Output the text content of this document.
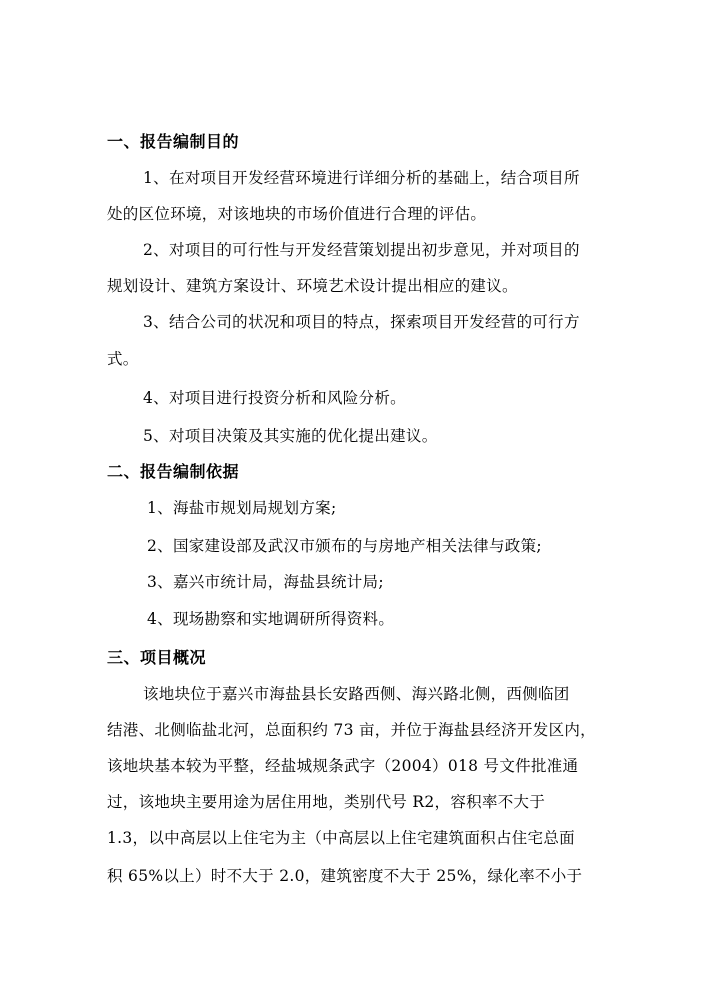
一、报告编制目的
1、在对项目开发经营环境进行详细分析的基础上，结合项目所
处的区位环境，对该地块的市场价值进行合理的评估。
2、对项目的可行性与开发经营策划提出初步意见，并对项目的
规划设计、建筑方案设计、环境艺术设计提出相应的建议。
3、结合公司的状况和项目的特点，探索项目开发经营的可行方
式。
4、对项目进行投资分析和风险分析。
5、对项目决策及其实施的优化提出建议。
二、报告编制依据
1、海盐市规划局规划方案;
2、国家建设部及武汉市颁布的与房地产相关法律与政策;
3、嘉兴市统计局，海盐县统计局;
4、现场勘察和实地调研所得资料。
三、项目概况
该地块位于嘉兴市海盐县长安路西侧、海兴路北侧，西侧临团
结港、北侧临盐北河，总面积约 73 亩，并位于海盐县经济开发区内，
该地块基本较为平整，经盐城规条武字（2004）018 号文件批准通
过，该地块主要用途为居住用地，类别代号 R2，容积率不大于
1.3，以中高层以上住宅为主（中高层以上住宅建筑面积占住宅总面
积 65%以上）时不大于 2.0，建筑密度不大于 25%，绿化率不小于
